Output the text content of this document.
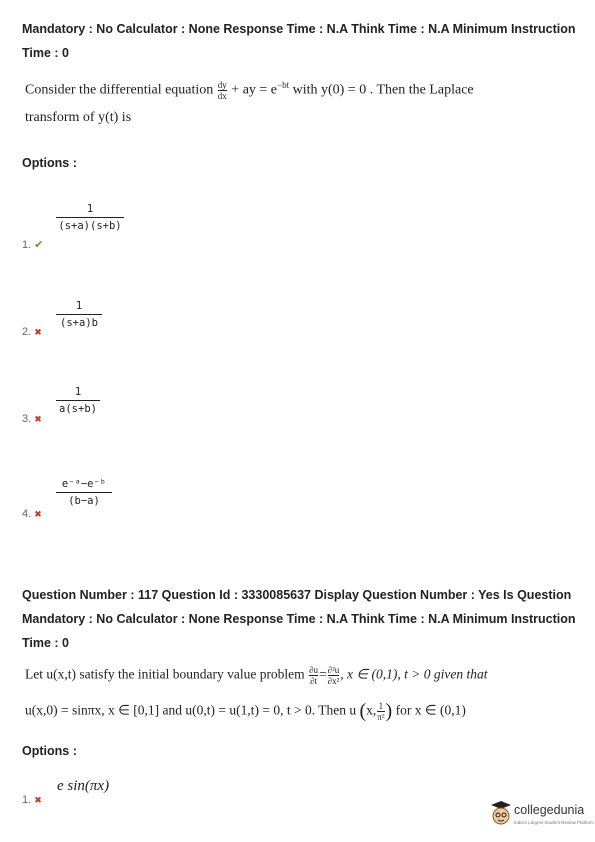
Mandatory : No Calculator : None Response Time : N.A Think Time : N.A Minimum Instruction
Time : 0
Consider the differential equation $\frac{dy}{dx}$ + ay = $e^{-bt}$ with y(0) = 0 . Then the Laplace
transform of y(t) is
Options :
$\frac{1}{(s+a)(s+b)}$
1. ✔
$\frac{1}{(s+a)b}$
2. ✖
$\frac{1}{a(s+b)}$
3. ✖
$\frac{\text{e⁻ᵃ−e⁻ᵇ}}{(b-a)}$
4. ✖
Question Number : 117 Question Id : 3330085637 Display Question Number : Yes Is Question
Mandatory : No Calculator : None Response Time : N.A Think Time : N.A Minimum Instruction
Time : 0
Let u(x,t) satisfy the initial boundary value problem $\frac{\partial u}{\partial t} = \frac{\text{∂²u}}{\text{∂x²}}$ , x ∈ (0,1), t > 0 given that
u(x,0) = sinπx, x ∈ [0,1] and u(0,t) = u(1,t) = 0, t > 0. Then u (x, $\frac{1}{\text{π²}}$ ) for x ∈ (0,1)
Options :
e sin(πx)
1. ✖
collegedunia
India's Largest Student Review Platform
